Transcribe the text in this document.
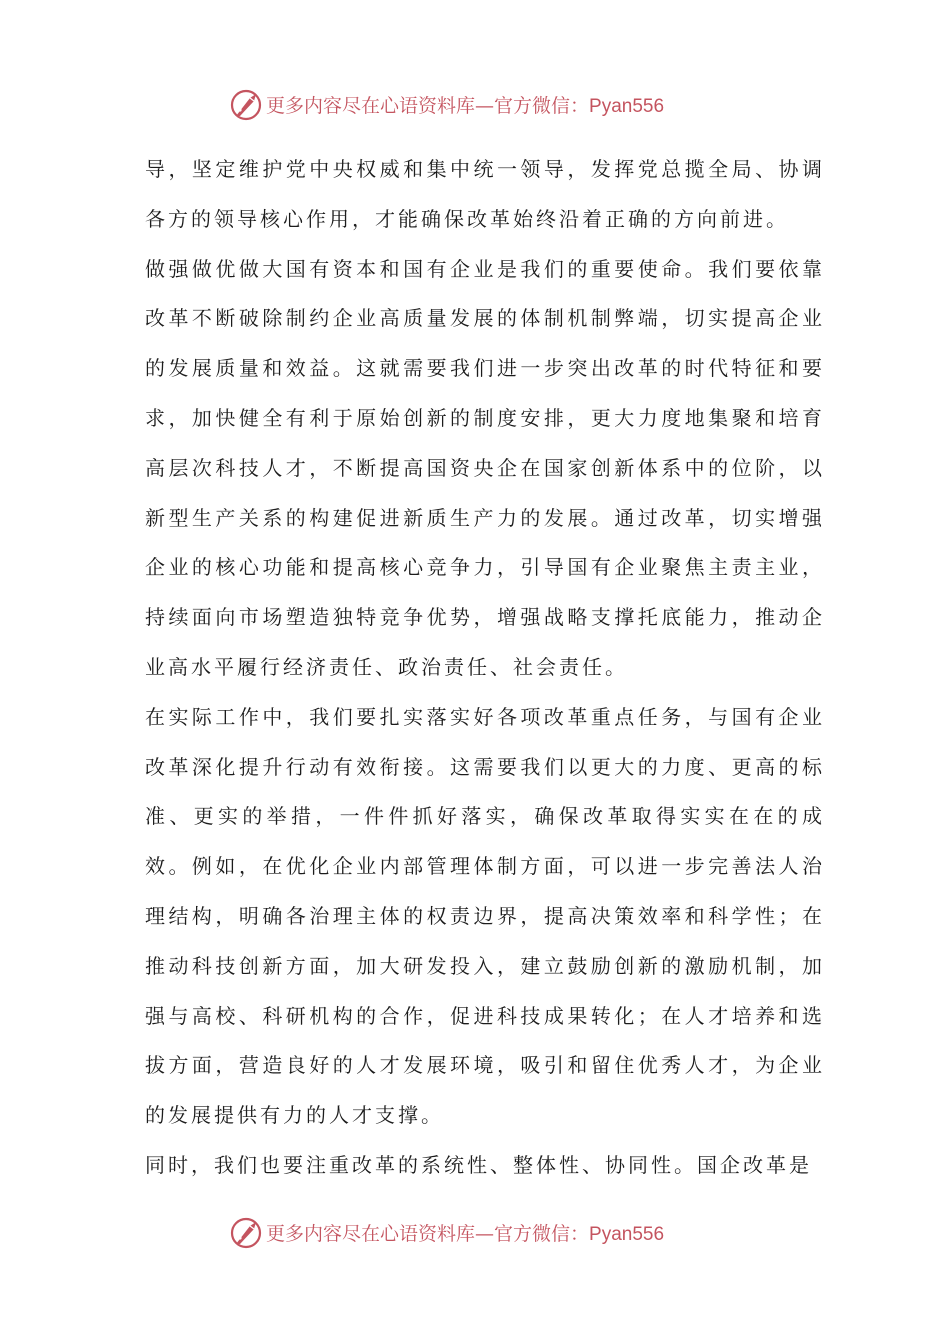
更多内容尽在心语资料库—官方微信：Pyan556

导，坚定维护党中央权威和集中统一领导，发挥党总揽全局、协调各方的领导核心作用，才能确保改革始终沿着正确的方向前进。

做强做优做大国有资本和国有企业是我们的重要使命。我们要依靠改革不断破除制约企业高质量发展的体制机制弊端，切实提高企业的发展质量和效益。这就需要我们进一步突出改革的时代特征和要求，加快健全有利于原始创新的制度安排，更大力度地集聚和培育高层次科技人才，不断提高国资央企在国家创新体系中的位阶，以新型生产关系的构建促进新质生产力的发展。通过改革，切实增强企业的核心功能和提高核心竞争力，引导国有企业聚焦主责主业，持续面向市场塑造独特竞争优势，增强战略支撑托底能力，推动企业高水平履行经济责任、政治责任、社会责任。

在实际工作中，我们要扎实落实好各项改革重点任务，与国有企业改革深化提升行动有效衔接。这需要我们以更大的力度、更高的标准、更实的举措，一件件抓好落实，确保改革取得实实在在的成效。例如，在优化企业内部管理体制方面，可以进一步完善法人治理结构，明确各治理主体的权责边界，提高决策效率和科学性；在推动科技创新方面，加大研发投入，建立鼓励创新的激励机制，加强与高校、科研机构的合作，促进科技成果转化；在人才培养和选拔方面，营造良好的人才发展环境，吸引和留住优秀人才，为企业的发展提供有力的人才支撑。

同时，我们也要注重改革的系统性、整体性、协同性。国企改革是

更多内容尽在心语资料库—官方微信：Pyan556
